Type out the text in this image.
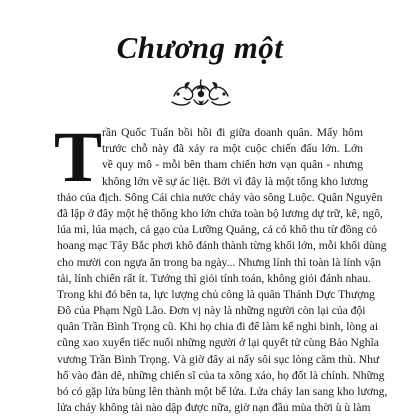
Chương một
T rần Quốc Tuấn bồi hồi đi giữa doanh quân. Mấy hôm
trước chỗ này đã xảy ra một cuộc chiến đấu lớn. Lớn
về quy mô - mỗi bên tham chiến hơn vạn quân - nhưng
không lớn về sự ác liệt. Bởi vì đây là một tổng kho lương
thảo của địch. Sông Cái chia nước chảy vào sông Luộc. Quân Nguyên
đã lập ở đây một hệ thống kho lớn chứa toàn bộ lương dự trữ, kê, ngô,
lúa mì, lúa mạch, cả gạo của Lưỡng Quảng, cả cỏ khô thu từ đồng cỏ
hoang mạc Tây Bắc phơi khô đánh thành từng khối lớn, mỗi khối dùng
cho mười con ngựa ăn trong ba ngày... Nhưng lính thì toàn là lính vận
tải, lính chiến rất ít. Tướng thì giỏi tính toán, không giỏi đánh nhau.
Trong khi đó bên ta, lực lượng chủ công là quân Thánh Dực Thượng
Đô của Phạm Ngũ Lão. Đơn vị này là những người còn lại của đội
quân Trần Bình Trọng cũ. Khi họ chia đi để làm kế nghi binh, lòng ai
cũng xao xuyến tiếc nuối những người ở lại quyết tử cùng Bảo Nghĩa
vương Trần Bình Trọng. Và giờ đây ai nấy sôi sục lòng căm thù. Như
hổ vào đàn dê, những chiến sĩ của ta xông xáo, họ đốt là chính. Những
bó cỏ gặp lửa bùng lên thành một bể lửa. Lửa cháy lan sang kho lương,
lửa cháy không tài nào dập được nữa, giờ nạn đầu mùa thời ù ù làm
